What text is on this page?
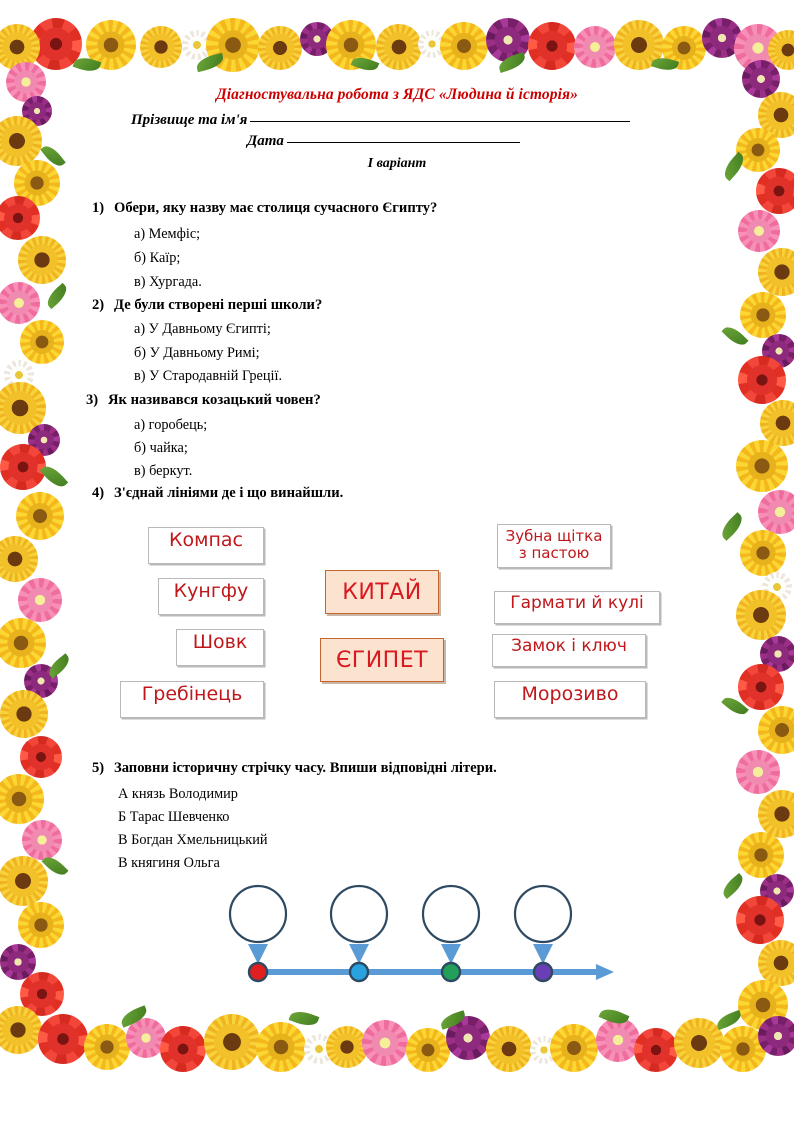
Діагностувальна робота з ЯДС «Людина й історія»
Прізвище та ім'я
Дата
I варіант
1) Обери, яку назву має столиця сучасного Єгипту?
а) Мемфіс;
б) Каїр;
в) Хургада.
2) Де були створені перші школи?
а) У Давньому Єгипті;
б) У Давньому Римі;
в) У Стародавній Греції.
3) Як називався козацький човен?
а) горобець;
б) чайка;
в) беркут.
4) З'єднай лініями де і що винайшли.
Компас
Кунгфу
Шовк
Гребінець
КИТАЙ
ЄГИПЕТ
Зубна щітка з пастою
Гармати й кулі
Замок і ключ
Морозиво
5) Заповни історичну стрічку часу. Впиши відповідні літери.
А князь Володимир
Б Тарас Шевченко
В Богдан Хмельницький
В княгиня Ольга
